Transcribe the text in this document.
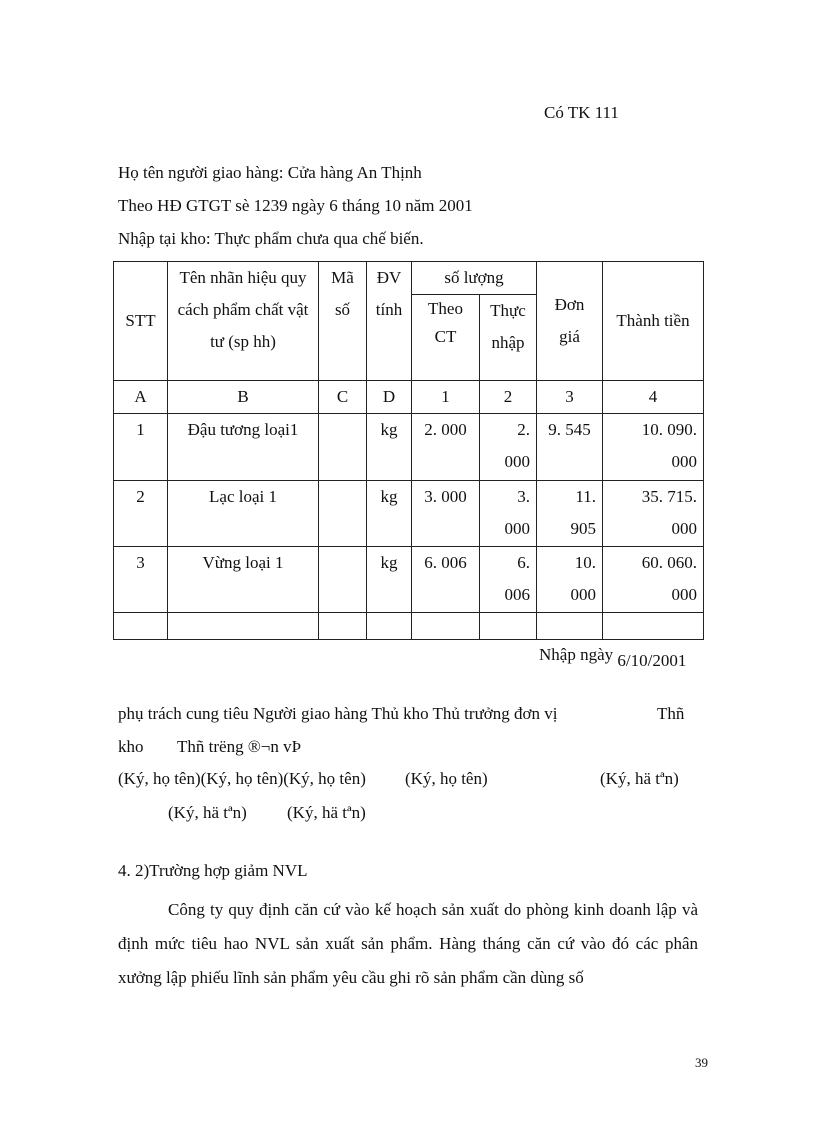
Có TK 111
Họ tên người giao hàng: Cửa hàng An Thịnh
Theo HĐ GTGT sè 1239 ngày 6 tháng 10 năm 2001
Nhập tại kho: Thực phẩm chưa qua chế biến.
STT	Tên nhãn hiệu quy cách phẩm chất vật tư (sp hh)	Mã số	ĐV tính	số lượng		Đơn giá	Thành tiền
				Theo CT	Thực nhập		
A	B	C	D	1	2	3	4
1	Đậu tương loại1		kg	2. 000	2. 000	9. 545	10. 090. 000
2	Lạc loại 1		kg	3. 000	3. 000	11. 905	35. 715. 000
3	Vừng loại 1		kg	6. 006	6. 006	10. 000	60. 060. 000

Nhập ngày 6/10/2001
phụ trách cung tiêu Người giao hàng Thủ kho Thủ trưởng đơn vị	Thñ
kho Thñ trëng ®¬n vÞ
(Ký, họ tên)(Ký, họ tên)(Ký, họ tên) (Ký, họ tên)	(Ký, hä tªn)
(Ký, hä tªn) (Ký, hä tªn)
4. 2)Trường hợp giảm NVL
Công ty quy định căn cứ vào kế hoạch sản xuất do phòng kinh doanh lập và định mức tiêu hao NVL sản xuất sản phẩm. Hàng tháng căn cứ vào đó các phân xưởng lập phiếu lĩnh sản phẩm yêu cầu ghi rõ sản phẩm cần dùng số
39
